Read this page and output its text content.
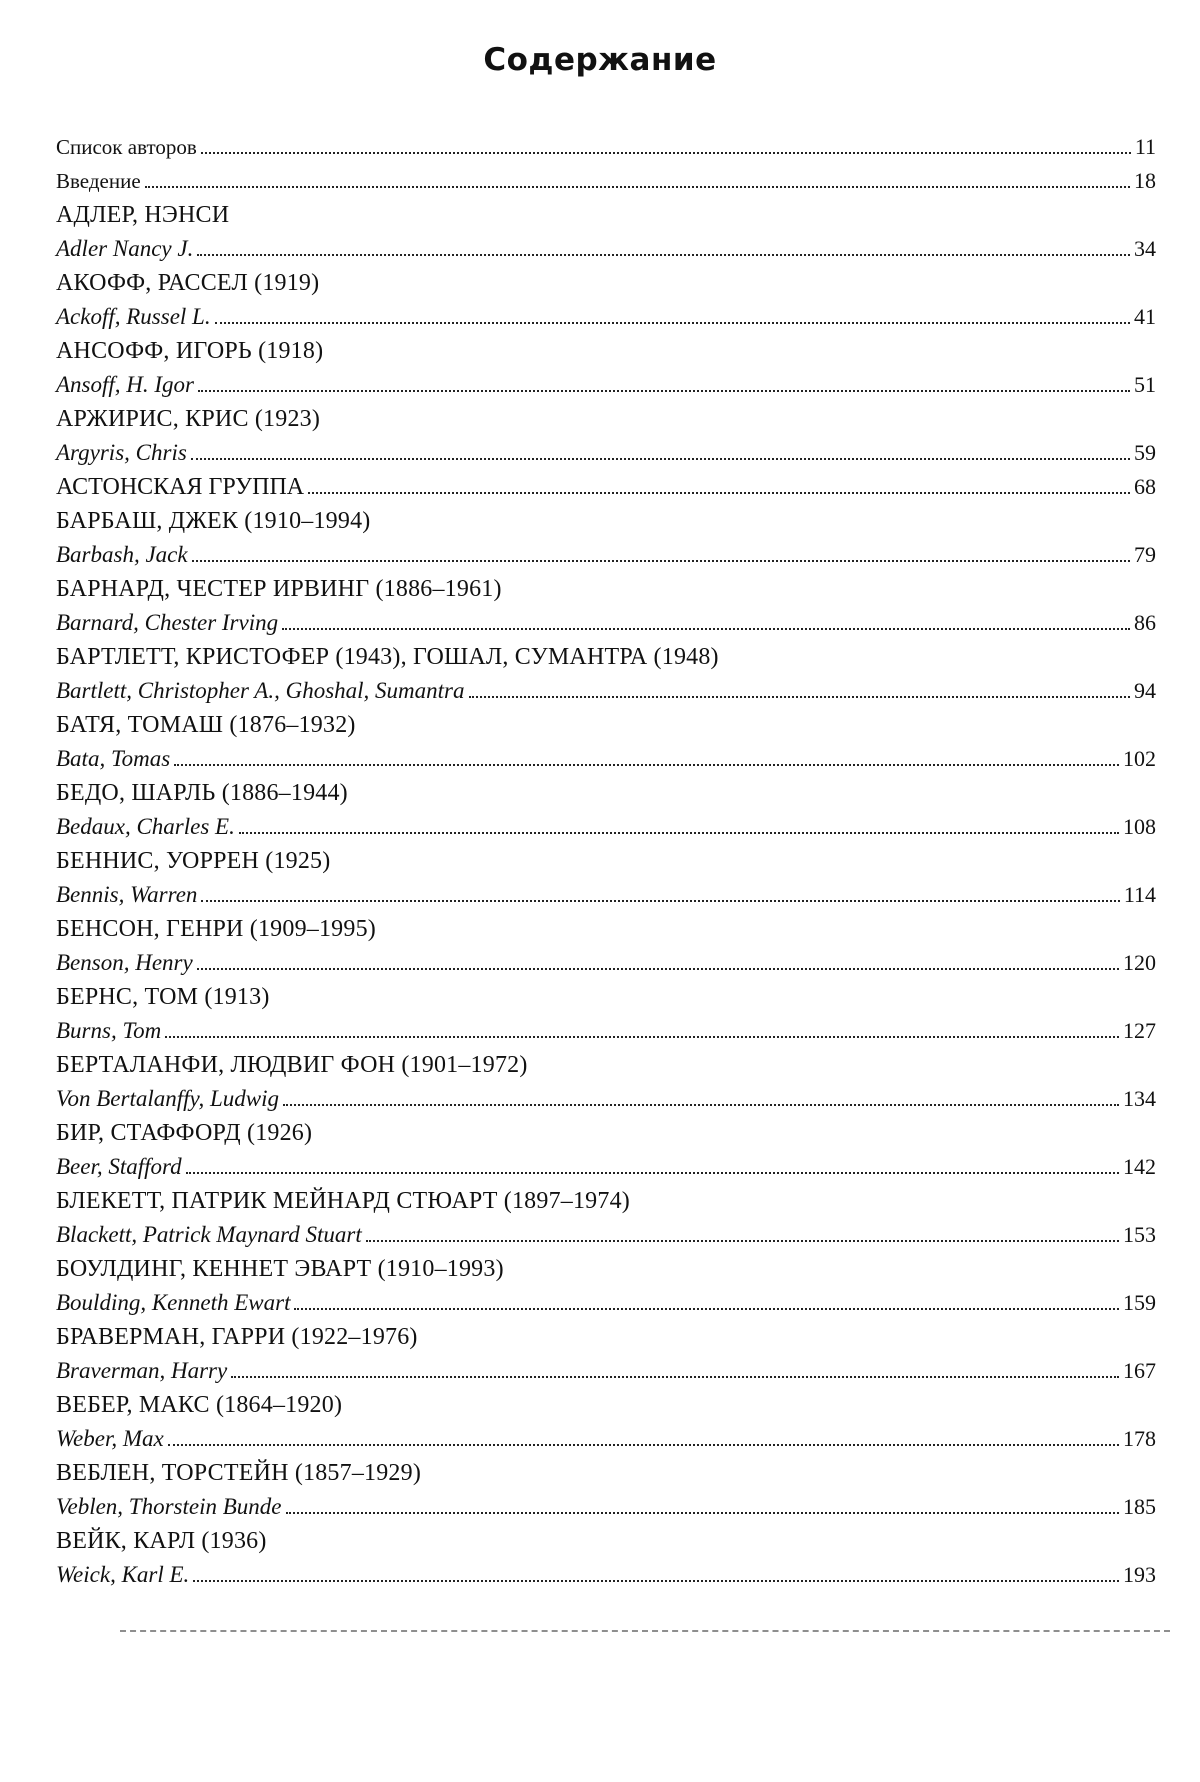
Содержание
Список авторов	11
Введение	18
АДЛЕР, НЭНСИ
Adler Nancy J.	34
АКОФФ, РАССЕЛ (1919)
Ackoff, Russel L.	41
АНСОФФ, ИГОРЬ (1918)
Ansoff, H. Igor	51
АРЖИРИС, КРИС (1923)
Argyris, Chris	59
АСТОНСКАЯ ГРУППА	68
БАРБАШ, ДЖЕК (1910–1994)
Barbash, Jack	79
БАРНАРД, ЧЕСТЕР ИРВИНГ (1886–1961)
Barnard, Chester Irving	86
БАРТЛЕТТ, КРИСТОФЕР (1943), ГОШАЛ, СУМАНТРА (1948)
Bartlett, Christopher A., Ghoshal, Sumantra	94
БАТЯ, ТОМАШ (1876–1932)
Bata, Tomas	102
БЕДО, ШАРЛЬ (1886–1944)
Bedaux, Charles E.	108
БЕННИС, УОРРЕН (1925)
Bennis, Warren	114
БЕНСОН, ГЕНРИ (1909–1995)
Benson, Henry	120
БЕРНС, ТОМ (1913)
Burns, Tom	127
БЕРТАЛАНФИ, ЛЮДВИГ ФОН (1901–1972)
Von Bertalanffy, Ludwig	134
БИР, СТАФФОРД (1926)
Beer, Stafford	142
БЛЕКЕТТ, ПАТРИК МЕЙНАРД СТЮАРТ (1897–1974)
Blackett, Patrick Maynard Stuart	153
БОУЛДИНГ, КЕННЕТ ЭВАРТ (1910–1993)
Boulding, Kenneth Ewart	159
БРАВЕРМАН, ГАРРИ (1922–1976)
Braverman, Harry	167
ВЕБЕР, МАКС (1864–1920)
Weber, Max	178
ВЕБЛЕН, ТОРСТЕЙН (1857–1929)
Veblen, Thorstein Bunde	185
ВЕЙК, КАРЛ (1936)
Weick, Karl E.	193
